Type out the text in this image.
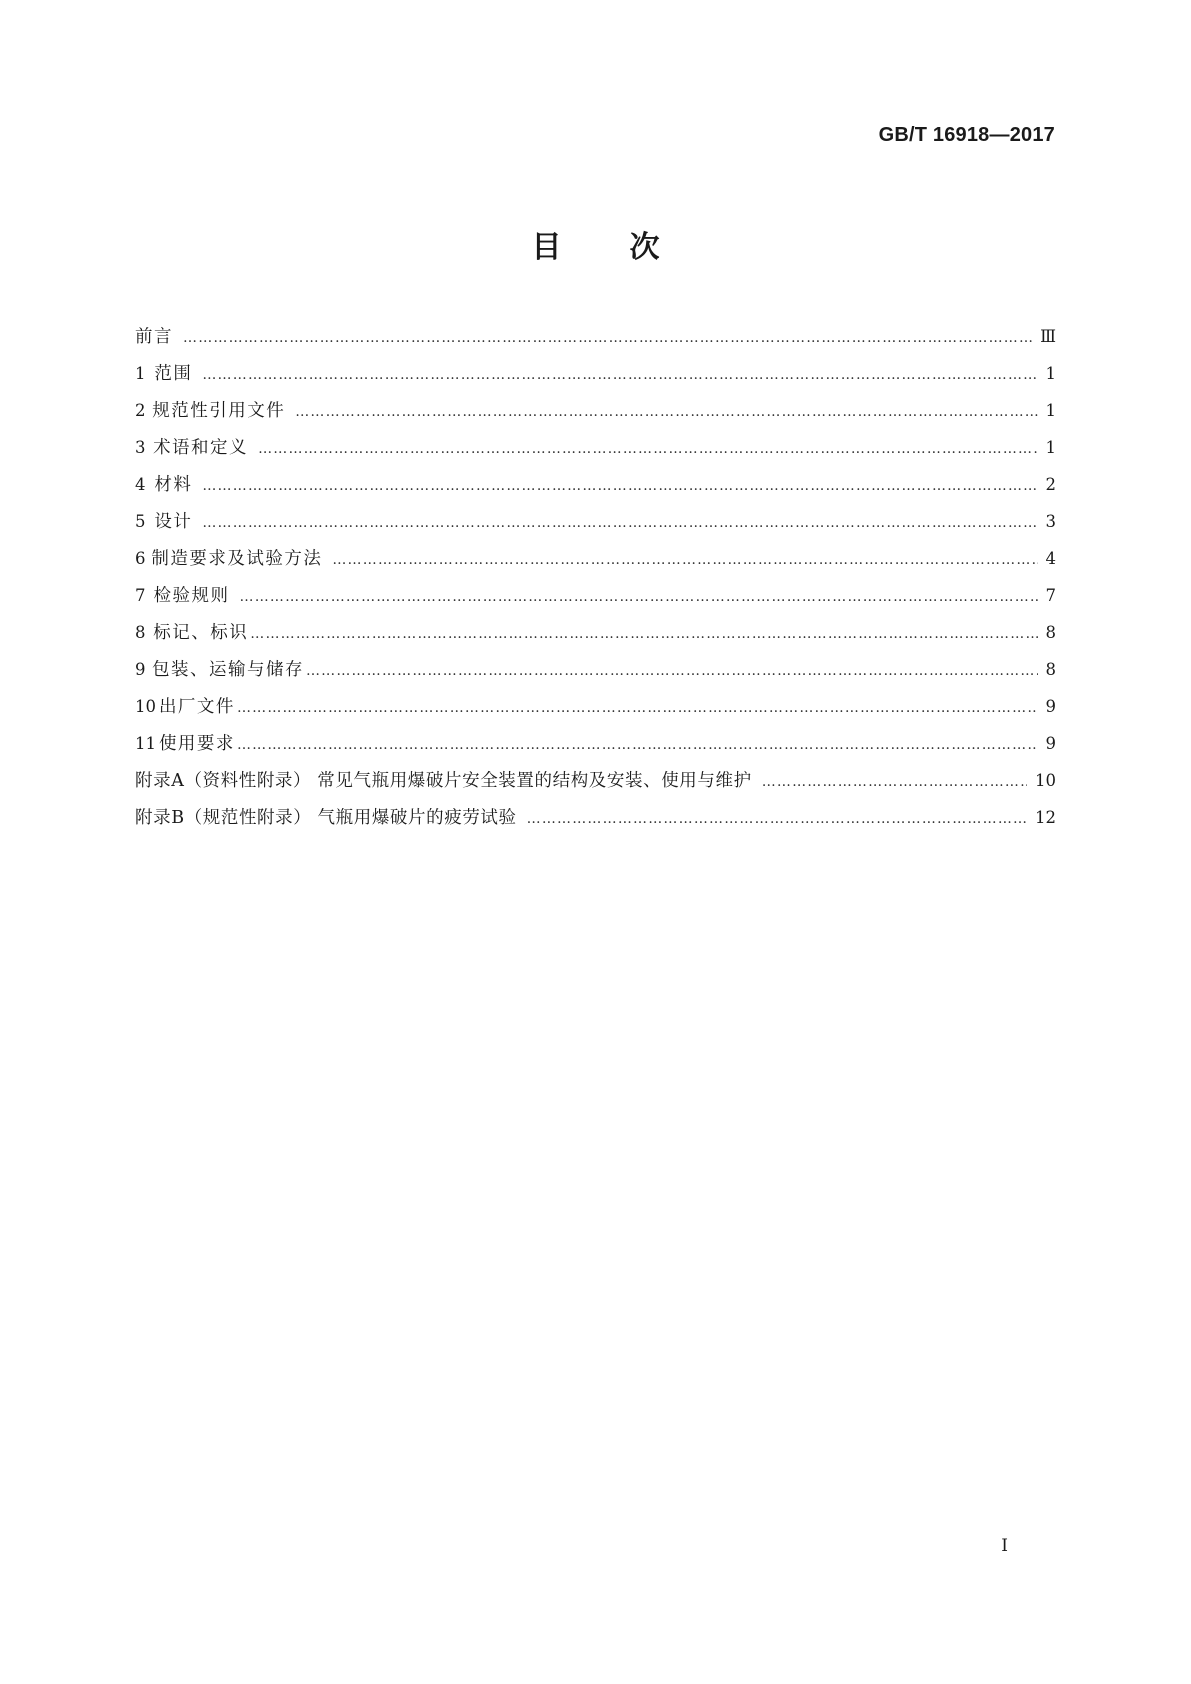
GB/T 16918—2017
目次
前言 …………………………………………………………………………………………………………………………………………………………………………………………………………………………………………	Ⅲ
1 范围 …………………………………………………………………………………………………………………………………………………………………………………………………………………………………………	1
2 规范性引用文件 …………………………………………………………………………………………………………………………………………………………………………………………………………………………………………	1
3 术语和定义 …………………………………………………………………………………………………………………………………………………………………………………………………………………………………………	1
4 材料 …………………………………………………………………………………………………………………………………………………………………………………………………………………………………………	2
5 设计 …………………………………………………………………………………………………………………………………………………………………………………………………………………………………………	3
6 制造要求及试验方法 …………………………………………………………………………………………………………………………………………………………………………………………………………………………………………	4
7 检验规则 …………………………………………………………………………………………………………………………………………………………………………………………………………………………………………	7
8 标记、标识 …………………………………………………………………………………………………………………………………………………………………………………………………………………………………………	8
9 包装、运输与储存 …………………………………………………………………………………………………………………………………………………………………………………………………………………………………………	8
10 出厂文件 …………………………………………………………………………………………………………………………………………………………………………………………………………………………………………	9
11 使用要求 …………………………………………………………………………………………………………………………………………………………………………………………………………………………………………	9
附录A（资料性附录） 常见气瓶用爆破片安全装置的结构及安装、使用与维护 …………………………………………………………………………………………………………………………………………………………………………………………………………………………………………	10
附录B（规范性附录） 气瓶用爆破片的疲劳试验 …………………………………………………………………………………………………………………………………………………………………………………………………………………………………………	12
I
